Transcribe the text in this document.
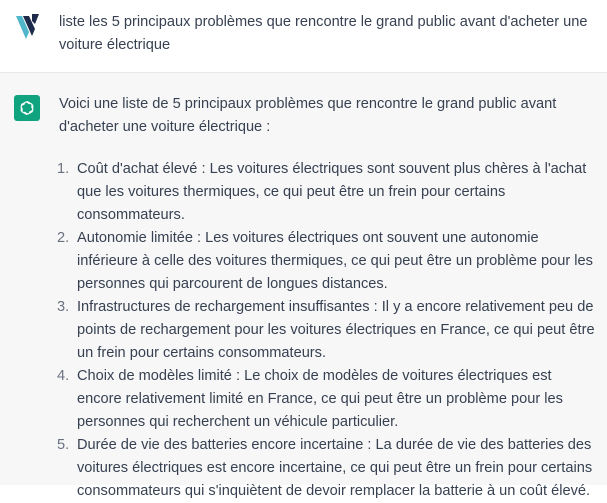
liste les 5 principaux problèmes que rencontre le grand public avant d'acheter une voiture électrique

Voici une liste de 5 principaux problèmes que rencontre le grand public avant d'acheter une voiture électrique :

1. Coût d'achat élevé : Les voitures électriques sont souvent plus chères à l'achat que les voitures thermiques, ce qui peut être un frein pour certains consommateurs.
2. Autonomie limitée : Les voitures électriques ont souvent une autonomie inférieure à celle des voitures thermiques, ce qui peut être un problème pour les personnes qui parcourent de longues distances.
3. Infrastructures de rechargement insuffisantes : Il y a encore relativement peu de points de rechargement pour les voitures électriques en France, ce qui peut être un frein pour certains consommateurs.
4. Choix de modèles limité : Le choix de modèles de voitures électriques est encore relativement limité en France, ce qui peut être un problème pour les personnes qui recherchent un véhicule particulier.
5. Durée de vie des batteries encore incertaine : La durée de vie des batteries des voitures électriques est encore incertaine, ce qui peut être un frein pour certains consommateurs qui s'inquiètent de devoir remplacer la batterie à un coût élevé.
